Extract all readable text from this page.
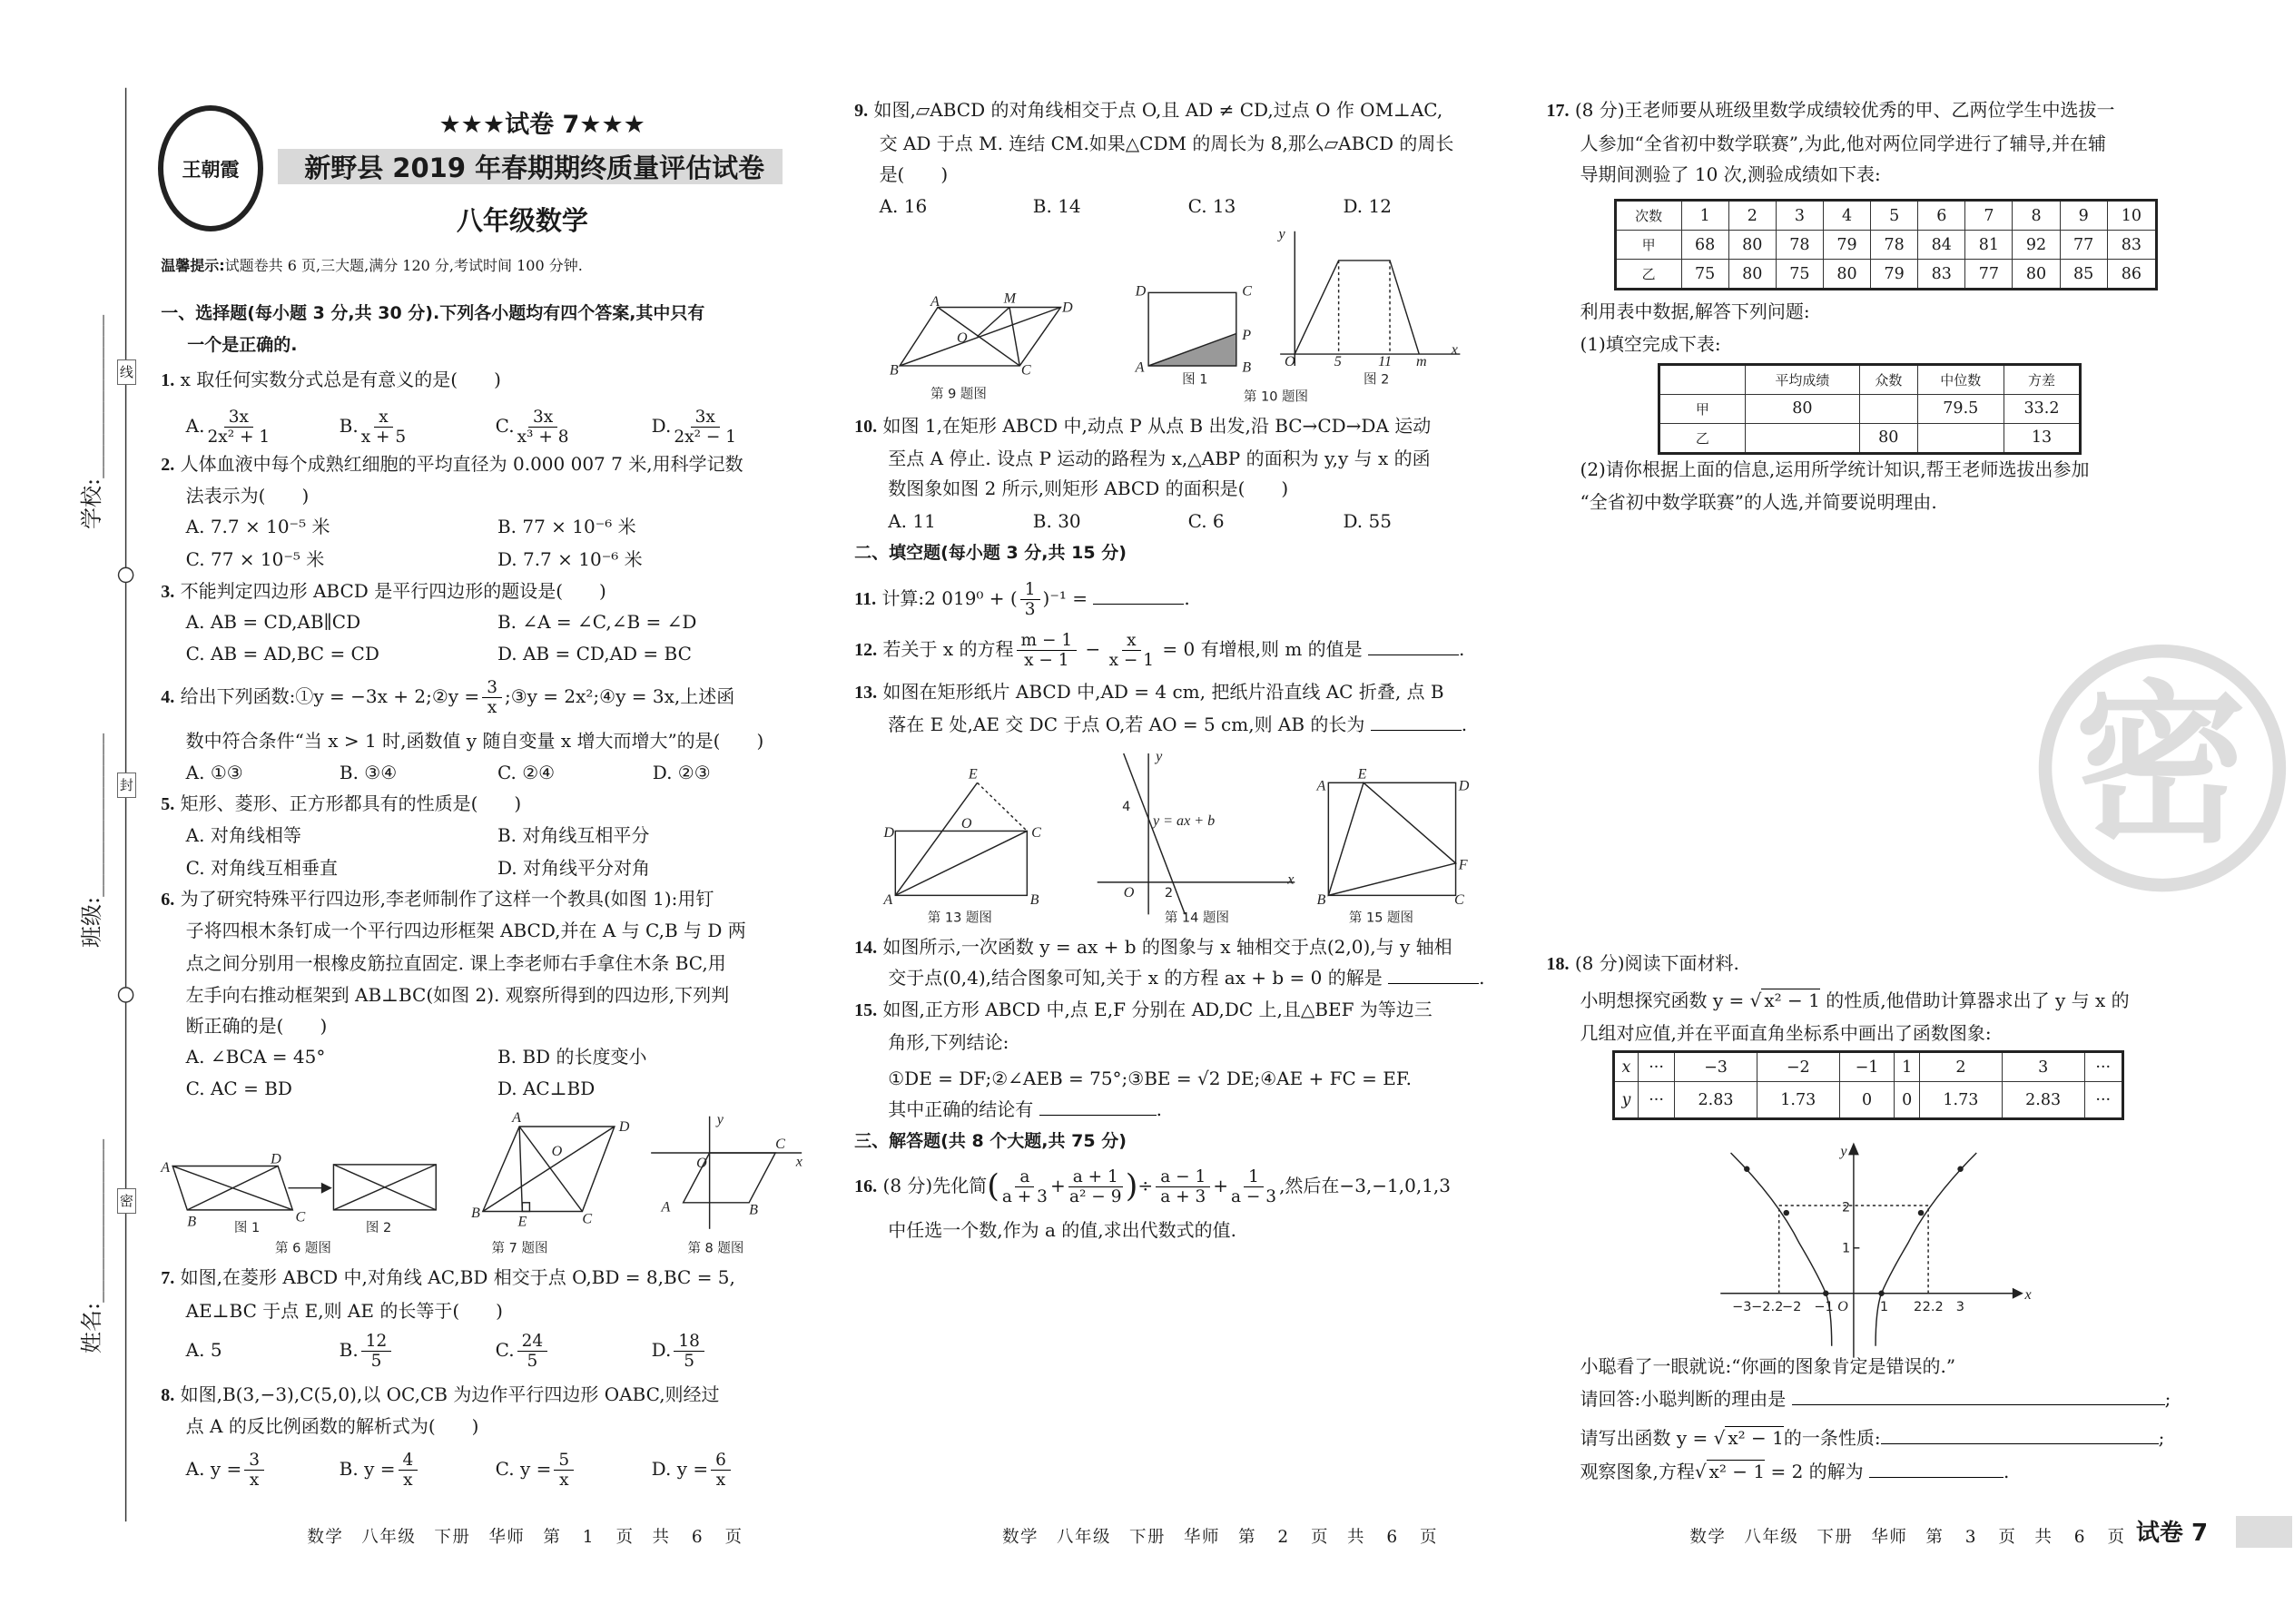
A
D
B	C
图 1	图 2
第 6 题图
A
D
O
B
E	C
第 7 题图
y
x
O
C
A	B
第 8 题图
A	M
D
O
B	C
第 9 题图
D	C
P
A	B
图 1
y
O	5	11	m
x
图 2
第 10 题图
E
O
D	C
A	B
第 13 题图
y
4
y = ax + b
O	2
x
第 14 题图
A
E
D
F
B	C
第 15 题图
y
x
O
2
1
−3 −2.2
−2 −1	1	2 2.2 3
密
学校:_______________
班级:_______________
姓名:_______________
线
封
密
王朝霞
★★★试卷 7★★★
新野县 2019 年春期期终质量评估试卷
八年级数学
温馨提示:试题卷共 6 页,三大题,满分 120 分,考试时间 100 分钟.
一、选择题(每小题 3 分,共 30 分).下列各小题均有四个答案,其中只有
一个是正确的.
1. x 取任何实数分式总是有意义的是(　　)
A. $\frac{3x}{\text{2x² + 1}}$	B. $\frac{x}{x + 5}$	C. $\frac{3x}{\text{x³ + 8}}$	D. $\frac{3x}{\text{2x² − 1}}$
2. 人体血液中每个成熟红细胞的平均直径为 0.000 007 7 米,用科学记数
法表示为(　　)
A. 7.7 × 10⁻⁵ 米	B. 77 × 10⁻⁶ 米
C. 77 × 10⁻⁵ 米	D. 7.7 × 10⁻⁶ 米
3. 不能判定四边形 ABCD 是平行四边形的题设是(　　)
A. AB = CD,AB∥CD	B. ∠A = ∠C,∠B = ∠D
C. AB = AD,BC = CD	D. AB = CD,AD = BC
4. 给出下列函数:①y = −3x + 2;②y = $\frac{3}{x}$ ;③y = 2x²;④y = 3x,上述函
数中符合条件“当 x > 1 时,函数值 y 随自变量 x 增大而增大”的是(　　)
A. ①③	B. ③④	C. ②④	D. ②③
5. 矩形、菱形、正方形都具有的性质是(　　)
A. 对角线相等	B. 对角线互相平分
C. 对角线互相垂直	D. 对角线平分对角
6. 为了研究特殊平行四边形,李老师制作了这样一个教具(如图 1):用钉
子将四根木条钉成一个平行四边形框架 ABCD,并在 A 与 C,B 与 D 两
点之间分别用一根橡皮筋拉直固定. 课上李老师右手拿住木条 BC,用
左手向右推动框架到 AB⊥BC(如图 2). 观察所得到的四边形,下列判
断正确的是(　　)
A. ∠BCA = 45°	B. BD 的长度变小
C. AC = BD	D. AC⊥BD
7. 如图,在菱形 ABCD 中,对角线 AC,BD 相交于点 O,BD = 8,BC = 5,
AE⊥BC 于点 E,则 AE 的长等于(　　)
A. 5	B. $\frac{12}{5}$	C. $\frac{24}{5}$	D. $\frac{18}{5}$
8. 如图,B(3,−3),C(5,0),以 OC,CB 为边作平行四边形 OABC,则经过
点 A 的反比例函数的解析式为(　　)
A. $y = \frac{3}{x}$	B. $y = \frac{4}{x}$	C. $y = \frac{5}{x}$	D. $y = \frac{6}{x}$
9. 如图,▱ABCD 的对角线相交于点 O,且 AD ≠ CD,过点 O 作 OM⊥AC,
交 AD 于点 M. 连结 CM.如果△CDM 的周长为 8,那么▱ABCD 的周长
是(　　)
A. 16	B. 14	C. 13	D. 12
10. 如图 1,在矩形 ABCD 中,动点 P 从点 B 出发,沿 BC→CD→DA 运动
至点 A 停止. 设点 P 运动的路程为 x,△ABP 的面积为 y,y 与 x 的函
数图象如图 2 所示,则矩形 ABCD 的面积是(　　)
A. 11	B. 30	C. 6	D. 55
二、填空题(每小题 3 分,共 15 分)
11. 计算:2 019⁰ + ( $\frac{1}{3} )^{-1}$ =	.
12. 若关于 x 的方程 $\frac{m - 1}{x - 1} - \frac{x}{x - 1} = 0$ 有增根,则 m 的值是	.
13. 如图在矩形纸片 ABCD 中,AD = 4 cm, 把纸片沿直线 AC 折叠, 点 B
落在 E 处,AE 交 DC 于点 O,若 AO = 5 cm,则 AB 的长为	.
14. 如图所示,一次函数 y = ax + b 的图象与 x 轴相交于点(2,0),与 y 轴相
交于点(0,4),结合图象可知,关于 x 的方程 ax + b = 0 的解是	.
15. 如图,正方形 ABCD 中,点 E,F 分别在 AD,DC 上,且△BEF 为等边三
角形,下列结论:
①DE = DF;②∠AEB = 75°;③BE = √2 DE;④AE + FC = EF.
其中正确的结论有	.
三、解答题(共 8 个大题,共 75 分)
16. (8 分)先化简( $\frac{a}{a + 3} + \frac{a + 1}{\text{a² − 9}}$ )÷ $\frac{a - 1}{a + 3} + \frac{1}{a - 3}$ ,然后在−3,−1,0,1,3
中任选一个数,作为 a 的值,求出代数式的值.
17. (8 分)王老师要从班级里数学成绩较优秀的甲、乙两位学生中选拔一
人参加“全省初中数学联赛”,为此,他对两位同学进行了辅导,并在辅
导期间测验了 10 次,测验成绩如下表:
次数	1	2	3	4	5	6	7	8	9	10
甲	68	80	78	79	78	84	81	92	77	83
乙	75	80	75	80	79	83	77	80	85	86
利用表中数据,解答下列问题:
(1)填空完成下表:
	平均成绩	众数	中位数	方差
甲	80		79.5	33.2
乙		80		13
(2)请你根据上面的信息,运用所学统计知识,帮王老师选拔出参加
“全省初中数学联赛”的人选,并简要说明理由.
18. (8 分)阅读下面材料.
小明想探究函数 y = √ x² − 1 的性质,他借助计算器求出了 y 与 x 的
几组对应值,并在平面直角坐标系中画出了函数图象:
x	···	−3	−2	−1	1	2	3	···
y	···	2.83	1.73	0	0	1.73	2.83	···
小聪看了一眼就说:“你画的图象肯定是错误的.”
请回答:小聪判断的理由是	;
请写出函数 y = √ x² − 1的一条性质:	;
观察图象,方程√ x² − 1 = 2 的解为	.
数学　八年级　下册　华师　第 1 页　共 6 页	数学　八年级　下册　华师　第 2 页　共 6 页	数学　八年级　下册　华师　第 3 页　共 6 页 试卷 7
